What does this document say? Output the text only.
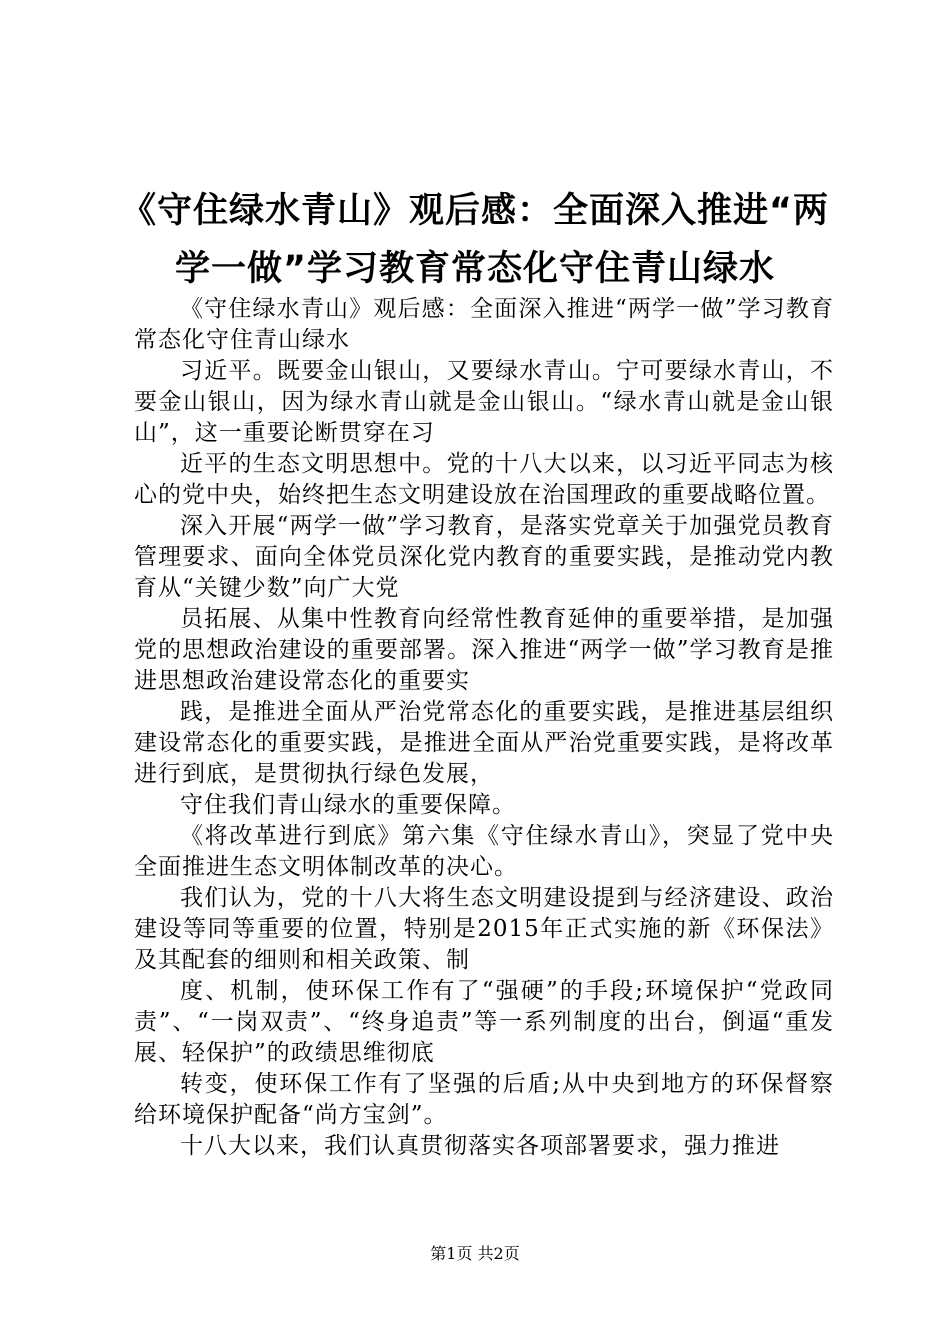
《守住绿水青山》观后感：全面深入推进“两学一做”学习教育常态化守住青山绿水

《守住绿水青山》观后感：全面深入推进“两学一做”学习教育常态化守住青山绿水

习近平。既要金山银山，又要绿水青山。宁可要绿水青山，不要金山银山，因为绿水青山就是金山银山。“绿水青山就是金山银山”，这一重要论断贯穿在习

近平的生态文明思想中。党的十八大以来，以习近平同志为核心的党中央，始终把生态文明建设放在治国理政的重要战略位置。

深入开展“两学一做”学习教育，是落实党章关于加强党员教育管理要求、面向全体党员深化党内教育的重要实践，是推动党内教育从“关键少数”向广大党

员拓展、从集中性教育向经常性教育延伸的重要举措，是加强党的思想政治建设的重要部署。深入推进“两学一做”学习教育是推进思想政治建设常态化的重要实

践，是推进全面从严治党常态化的重要实践，是推进基层组织建设常态化的重要实践，是推进全面从严治党重要实践，是将改革进行到底，是贯彻执行绿色发展，

守住我们青山绿水的重要保障。

《将改革进行到底》第六集《守住绿水青山》，突显了党中央全面推进生态文明体制改革的决心。

我们认为，党的十八大将生态文明建设提到与经济建设、政治建设等同等重要的位置，特别是2015年正式实施的新《环保法》及其配套的细则和相关政策、制

度、机制，使环保工作有了“强硬”的手段;环境保护“党政同责”、“一岗双责”、“终身追责”等一系列制度的出台，倒逼“重发展、轻保护”的政绩思维彻底

转变，使环保工作有了坚强的后盾;从中央到地方的环保督察给环境保护配备“尚方宝剑”。

十八大以来，我们认真贯彻落实各项部署要求，强力推进

第1页 共2页
